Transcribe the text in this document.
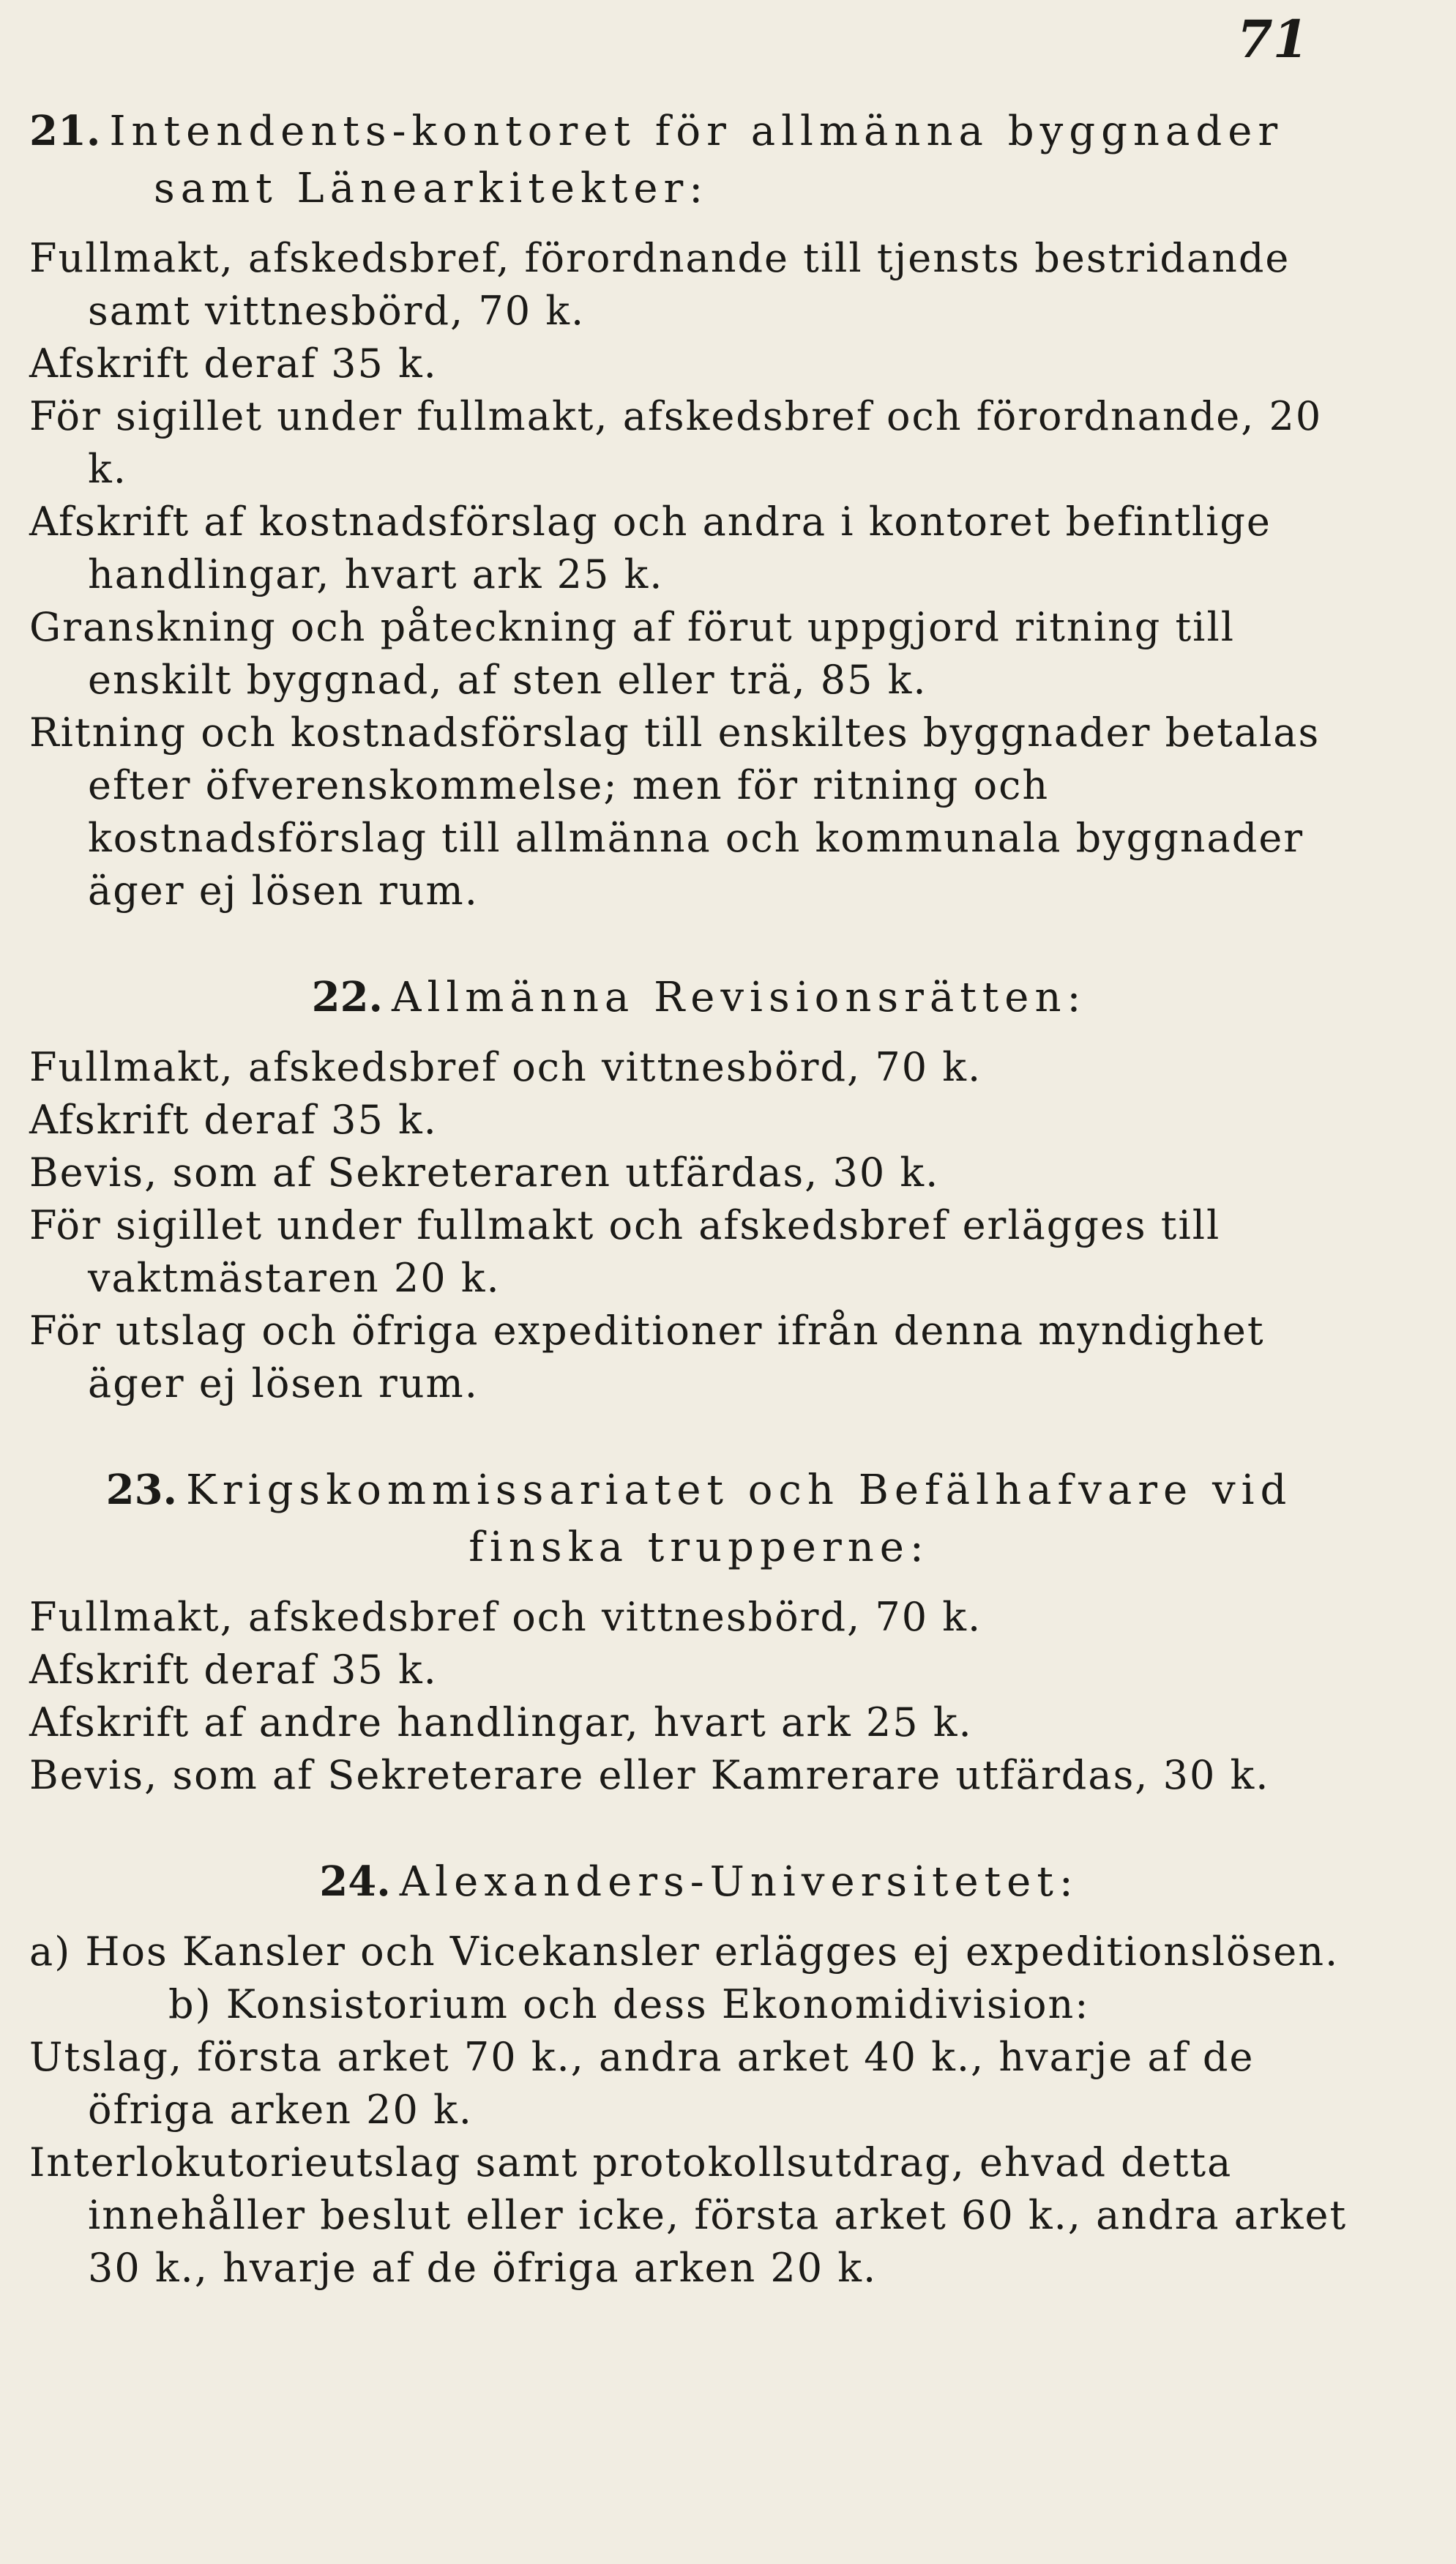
71

21. Intendents-kontoret för allmänna byggnader samt Länearkitekter:

Fullmakt, afskedsbref, förordnande till tjensts bestridande samt vittnesbörd, 70 k.

Afskrift deraf 35 k.

För sigillet under fullmakt, afskedsbref och förordnande, 20 k.

Afskrift af kostnadsförslag och andra i kontoret befintlige handlingar, hvart ark 25 k.

Granskning och påteckning af förut uppgjord ritning till enskilt byggnad, af sten eller trä, 85 k.

Ritning och kostnadsförslag till enskiltes byggnader betalas efter öfverenskommelse; men för ritning och kostnadsförslag till allmänna och kommunala byggnader äger ej lösen rum.

22. Allmänna Revisionsrätten:

Fullmakt, afskedsbref och vittnesbörd, 70 k.

Afskrift deraf 35 k.

Bevis, som af Sekreteraren utfärdas, 30 k.

För sigillet under fullmakt och afskedsbref erlägges till vaktmästaren 20 k.

För utslag och öfriga expeditioner ifrån denna myndighet äger ej lösen rum.

23. Krigskommissariatet och Befälhafvare vid finska trupperne:

Fullmakt, afskedsbref och vittnesbörd, 70 k.

Afskrift deraf 35 k.

Afskrift af andre handlingar, hvart ark 25 k.

Bevis, som af Sekreterare eller Kamrerare utfärdas, 30 k.

24. Alexanders-Universitetet:

a) Hos Kansler och Vicekansler erlägges ej expeditionslösen.

b) Konsistorium och dess Ekonomidivision:

Utslag, första arket 70 k., andra arket 40 k., hvarje af de öfriga arken 20 k.

Interlokutorieutslag samt protokollsutdrag, ehvad detta innehåller beslut eller icke, första arket 60 k., andra arket 30 k., hvarje af de öfriga arken 20 k.
